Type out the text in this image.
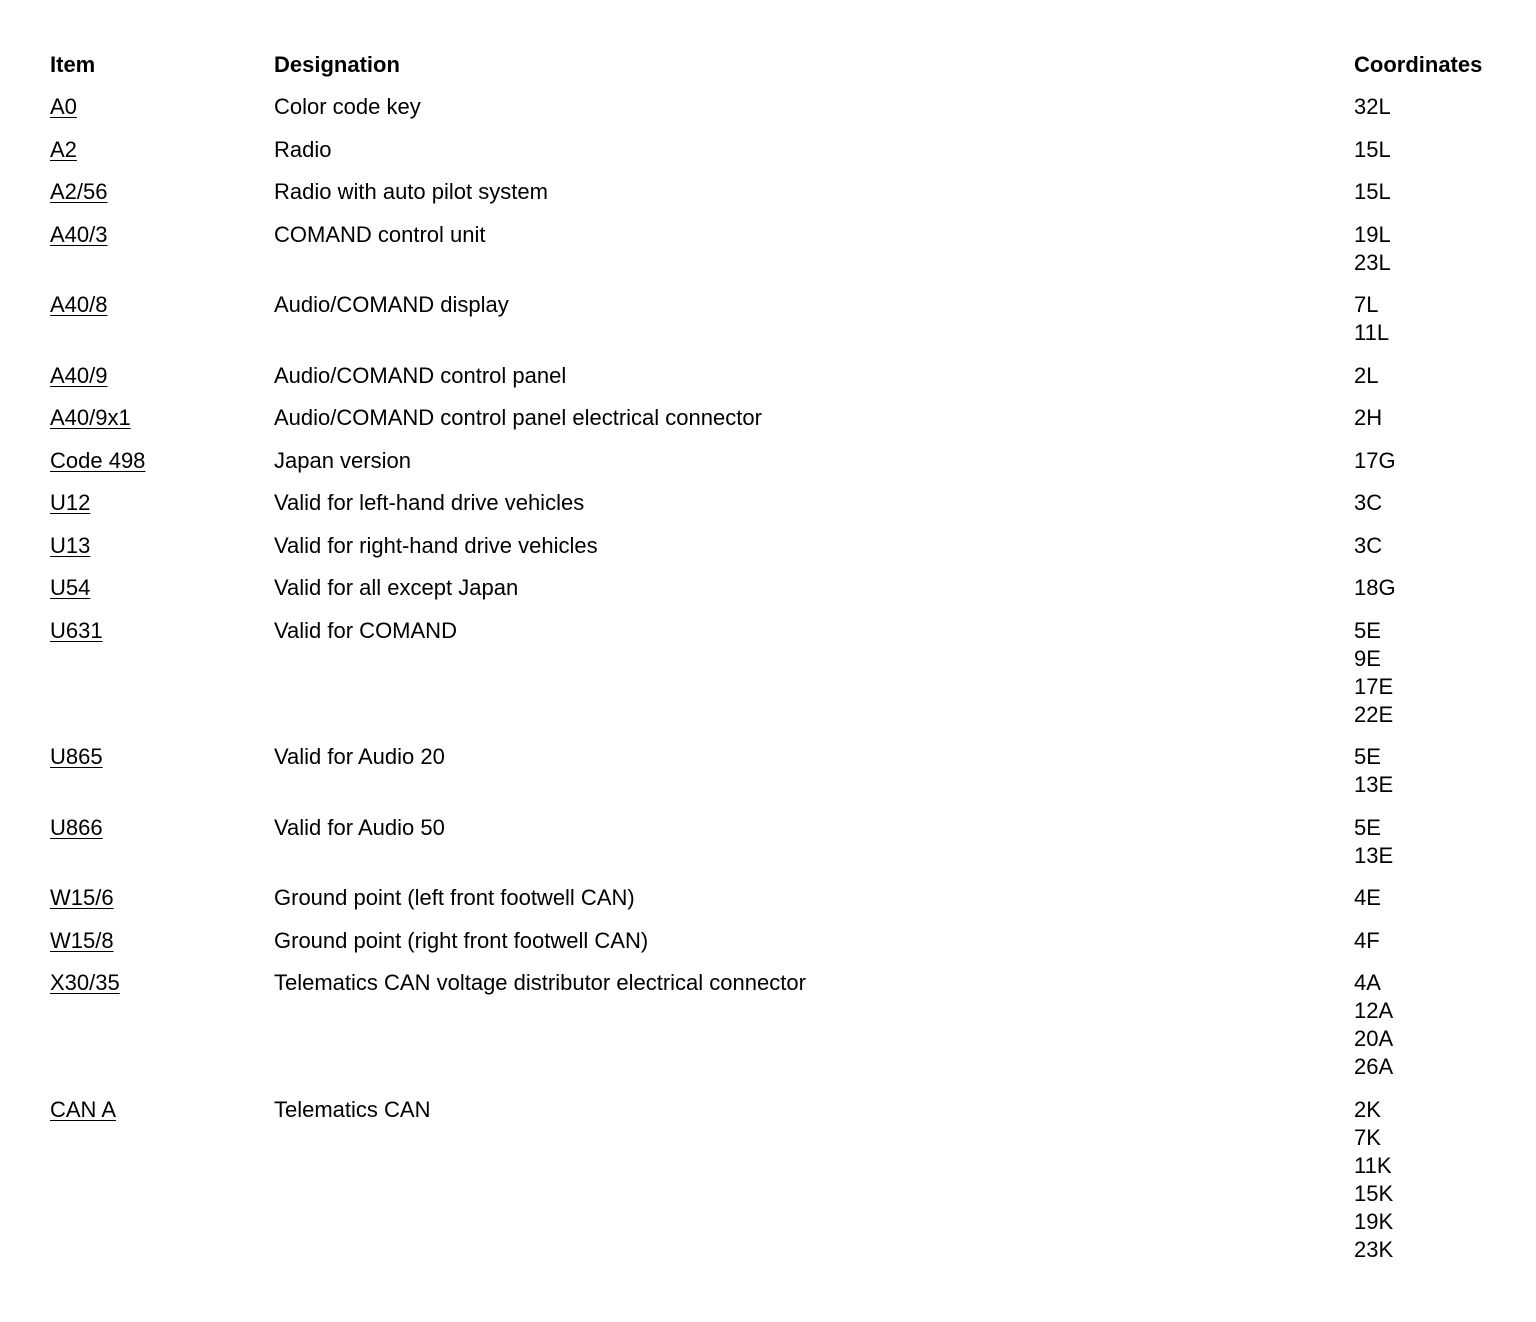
Item	Designation	Coordinates
A0	Color code key	32L
A2	Radio	15L
A2/56	Radio with auto pilot system	15L
A40/3	COMAND control unit	19L
23L
A40/8	Audio/COMAND display	7L
11L
A40/9	Audio/COMAND control panel	2L
A40/9x1	Audio/COMAND control panel electrical connector	2H
Code 498	Japan version	17G
U12	Valid for left-hand drive vehicles	3C
U13	Valid for right-hand drive vehicles	3C
U54	Valid for all except Japan	18G
U631	Valid for COMAND	5E
9E
17E
22E
U865	Valid for Audio 20	5E
13E
U866	Valid for Audio 50	5E
13E
W15/6	Ground point (left front footwell CAN)	4E
W15/8	Ground point (right front footwell CAN)	4F
X30/35	Telematics CAN voltage distributor electrical connector	4A
12A
20A
26A
CAN A	Telematics CAN	2K
7K
11K
15K
19K
23K
